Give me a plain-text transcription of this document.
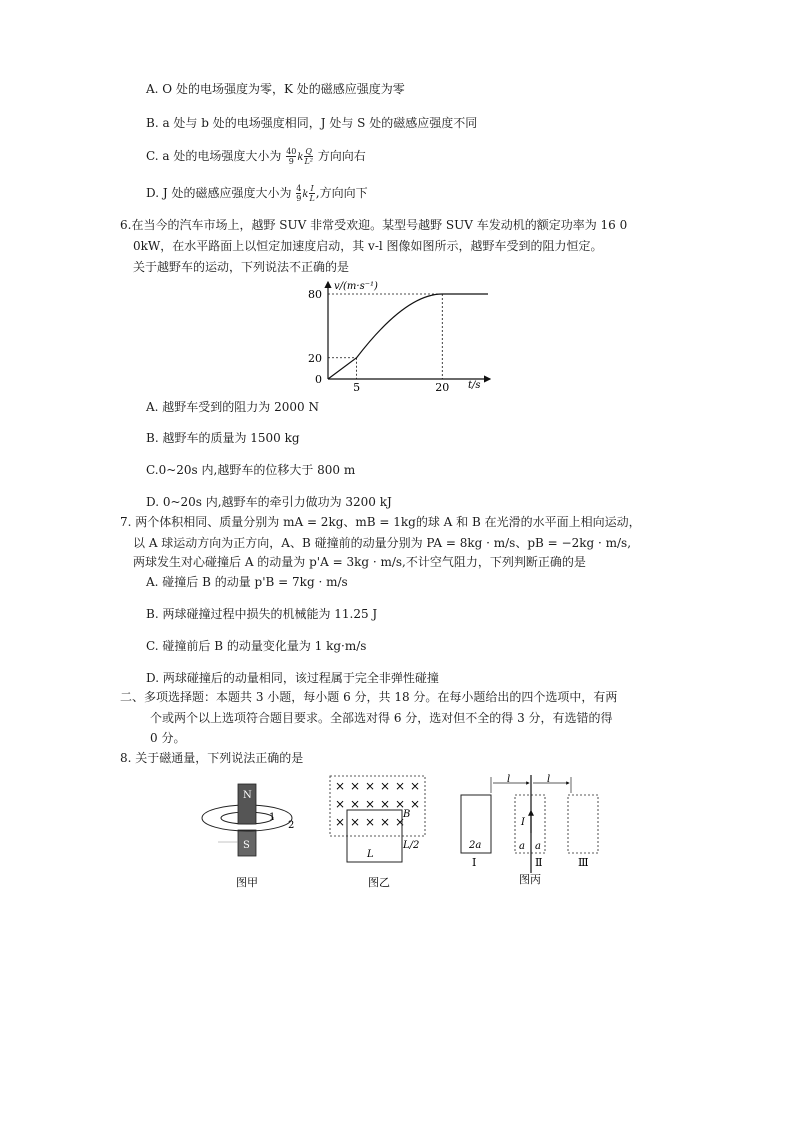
A. O 处的电场强度为零，K 处的磁感应强度为零
B. a 处与 b 处的电场强度相同，J 处与 S 处的磁感应强度不同
C. a 处的电场强度大小为 $\frac{40}{9}$ k $\frac{Q}{\text{L²}}$ 方向向右
D. J 处的磁感应强度大小为 $\frac{4}{9}$ k $\frac{I}{L}$ ,方向向下
6.在当今的汽车市场上，越野 SUV 非常受欢迎。某型号越野 SUV 车发动机的额定功率为 16 0
0kW，在水平路面上以恒定加速度启动，其 v-l 图像如图所示，越野车受到的阻力恒定。
关于越野车的运动，下列说法不正确的是
v/(m·s⁻¹)
t/s
0
20
80
5	20
A. 越野车受到的阻力为 2000 N
B. 越野车的质量为 1500 kg
C.0~20s 内,越野车的位移大于 800 m
D. 0~20s 内,越野车的牵引力做功为 3200 kJ
7. 两个体积相同、质量分别为 mA = 2kg、mB = 1kg的球 A 和 B 在光滑的水平面上相向运动，
以 A 球运动方向为正方向，A、B 碰撞前的动量分别为 PA = 8kg · m/s、pB = −2kg · m/s,
两球发生对心碰撞后 A 的动量为 p'A = 3kg · m/s,不计空气阻力，下列判断正确的是
A. 碰撞后 B 的动量 p'B = 7kg · m/s
B. 两球碰撞过程中损失的机械能为 11.25 J
C. 碰撞前后 B 的动量变化量为 1 kg·m/s
D. 两球碰撞后的动量相同，该过程属于完全非弹性碰撞
二、多项选择题：本题共 3 小题，每小题 6 分，共 18 分。在每小题给出的四个选项中，有两
个或两个以上选项符合题目要求。全部选对得 6 分，选对但不全的得 3 分，有选错的得
0 分。
8. 关于磁通量，下列说法正确的是
N
S
1
2
图甲
× × × × × ×
× × × × × ×
× × × × ×
B
L/2
L
图乙
l	l
I
2a	a a
Ⅰ	Ⅱ	Ⅲ
图丙
